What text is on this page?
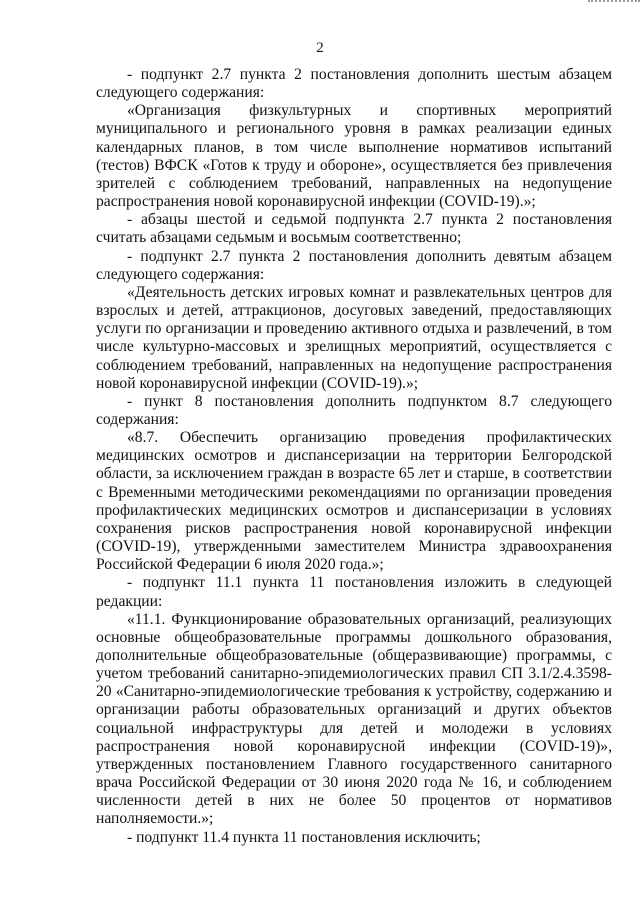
2

- подпункт 2.7 пункта 2 постановления дополнить шестым абзацем следующего содержания:

«Организация физкультурных и спортивных мероприятий муниципального и регионального уровня в рамках реализации единых календарных планов, в том числе выполнение нормативов испытаний (тестов) ВФСК «Готов к труду и обороне», осуществляется без привлечения зрителей с соблюдением требований, направленных на недопущение распространения новой коронавирусной инфекции (COVID-19).»;

- абзацы шестой и седьмой подпункта 2.7 пункта 2 постановления считать абзацами седьмым и восьмым соответственно;

- подпункт 2.7 пункта 2 постановления дополнить девятым абзацем следующего содержания:

«Деятельность детских игровых комнат и развлекательных центров для взрослых и детей, аттракционов, досуговых заведений, предоставляющих услуги по организации и проведению активного отдыха и развлечений, в том числе культурно-массовых и зрелищных мероприятий, осуществляется с соблюдением требований, направленных на недопущение распространения новой коронавирусной инфекции (COVID-19).»;

- пункт 8 постановления дополнить подпунктом 8.7 следующего содержания:

«8.7. Обеспечить организацию проведения профилактических медицинских осмотров и диспансеризации на территории Белгородской области, за исключением граждан в возрасте 65 лет и старше, в соответствии с Временными методическими рекомендациями по организации проведения профилактических медицинских осмотров и диспансеризации в условиях сохранения рисков распространения новой коронавирусной инфекции (COVID-19), утвержденными заместителем Министра здравоохранения Российской Федерации 6 июля 2020 года.»;

- подпункт 11.1 пункта 11 постановления изложить в следующей редакции:

«11.1. Функционирование образовательных организаций, реализующих основные общеобразовательные программы дошкольного образования, дополнительные общеобразовательные (общеразвивающие) программы, с учетом требований санитарно-эпидемиологических правил СП 3.1/2.4.3598-20 «Санитарно-эпидемиологические требования к устройству, содержанию и организации работы образовательных организаций и других объектов социальной инфраструктуры для детей и молодежи в условиях распространения новой коронавирусной инфекции (COVID-19)», утвержденных постановлением Главного государственного санитарного врача Российской Федерации от 30 июня 2020 года № 16, и соблюдением численности детей в них не более 50 процентов от нормативов наполняемости.»;

- подпункт 11.4 пункта 11 постановления исключить;
